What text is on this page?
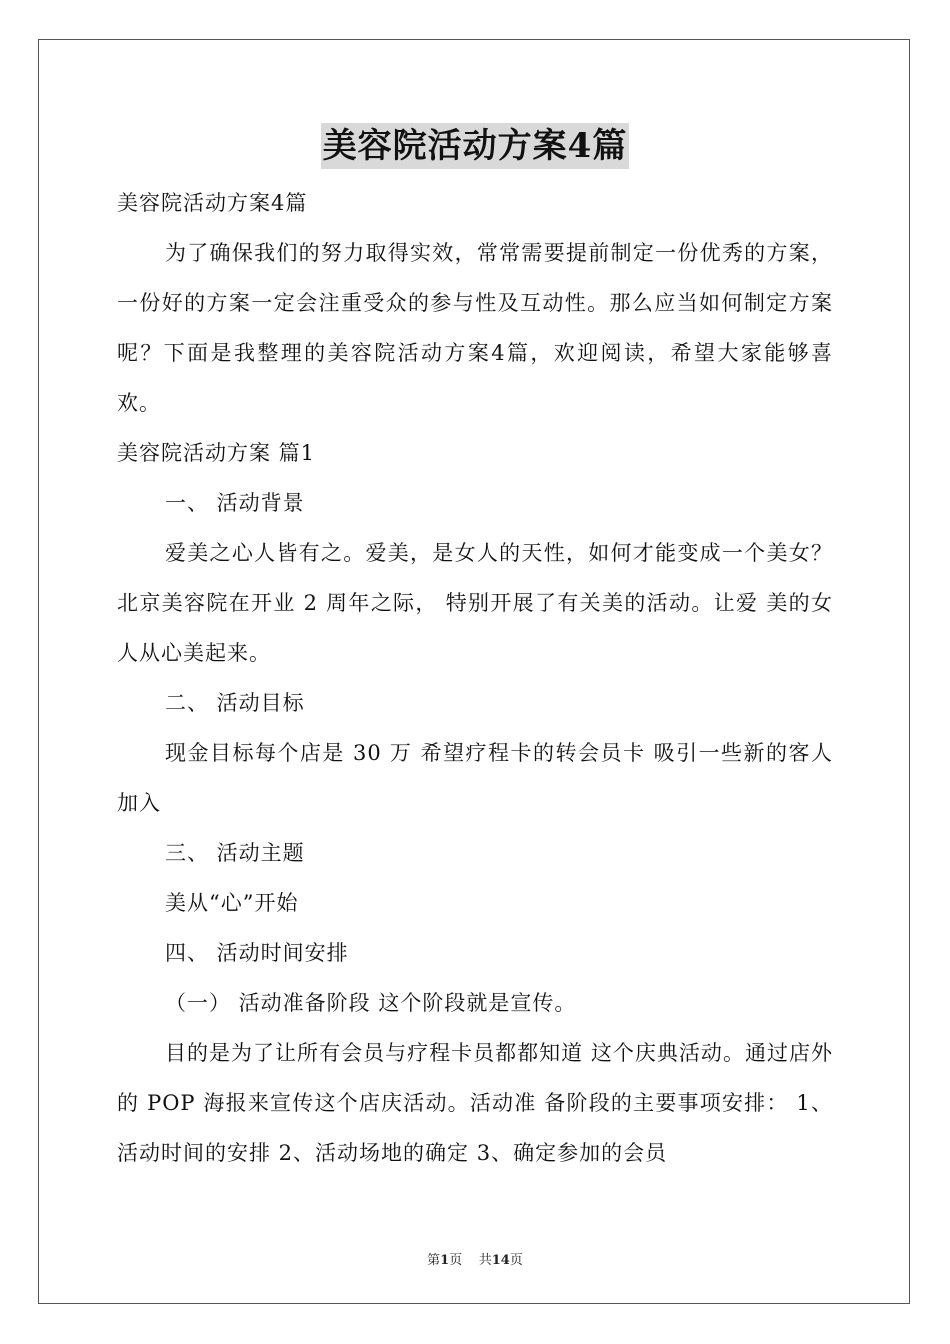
美容院活动方案4篇

美容院活动方案4篇

为了确保我们的努力取得实效，常常需要提前制定一份优秀的方案，一份好的方案一定会注重受众的参与性及互动性。那么应当如何制定方案呢？下面是我整理的美容院活动方案4篇，欢迎阅读，希望大家能够喜欢。

美容院活动方案 篇1

一、 活动背景

爱美之心人皆有之。爱美，是女人的天性，如何才能变成一个美女？北京美容院在开业 2 周年之际， 特别开展了有关美的活动。让爱 美的女人从心美起来。

二、 活动目标

现金目标每个店是 30 万 希望疗程卡的转会员卡 吸引一些新的客人加入

三、 活动主题

美从“心”开始

四、 活动时间安排

（一） 活动准备阶段 这个阶段就是宣传。

目的是为了让所有会员与疗程卡员都都知道 这个庆典活动。通过店外的 POP 海报来宣传这个店庆活动。活动准 备阶段的主要事项安排： 1、活动时间的安排 2、活动场地的确定 3、确定参加的会员

第1页 共14页
